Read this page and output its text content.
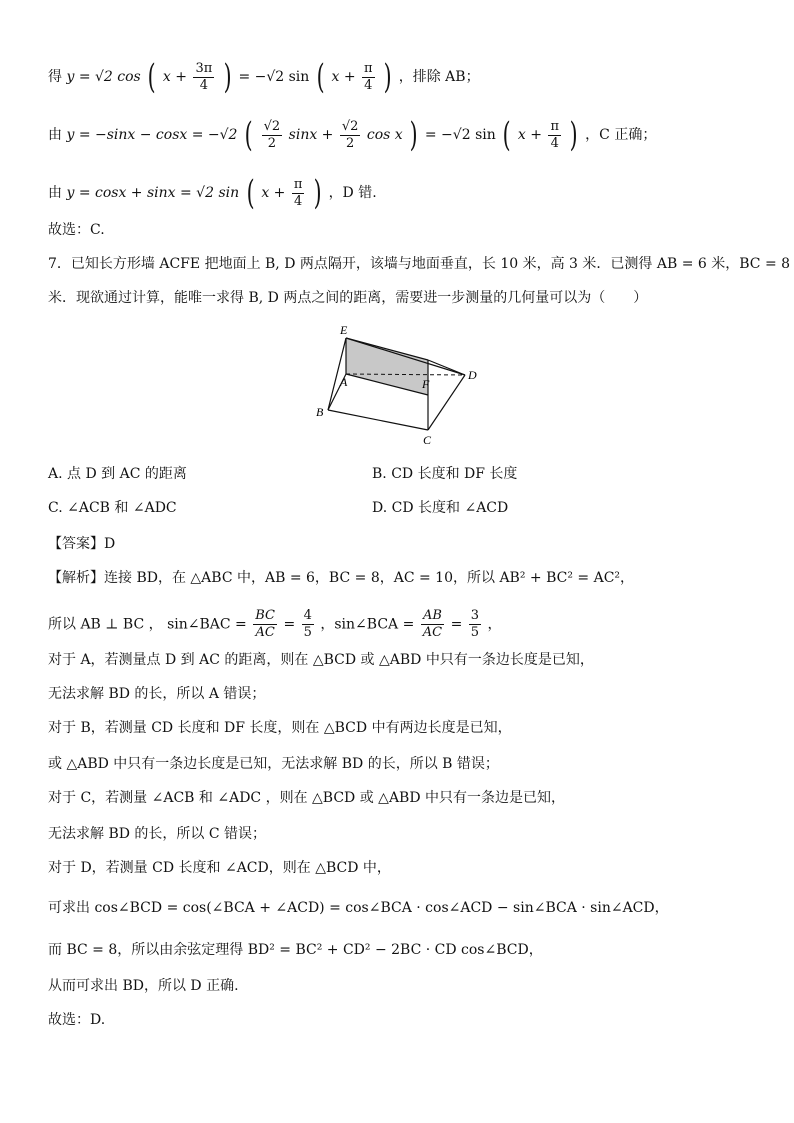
得 y = √2 cos ( $x + \frac{3\pi}{4}$ ) = −√2 sin ( $x + \frac{\pi}{4}$ ) ，排除 AB；
由 y = −sinx − cosx = −√2 ( $\frac{√2}{2}$ $\sin x + \frac{√2}{2}$ cos x ) = −√2 sin ( $x + \frac{\pi}{4}$ ) ，C 正确；
由 y = cosx + sinx = √2 sin ( $x + \frac{\pi}{4}$ ) ，D 错.
故选：C.
7．已知长方形墙 ACFE 把地面上 B, D 两点隔开，该墙与地面垂直，长 10 米，高 3 米．已测得 AB = 6 米，BC = 8
米．现欲通过计算，能唯一求得 B, D 两点之间的距离，需要进一步测量的几何量可以为（　　）
E
A	F
D
B
C
A. 点 D 到 AC 的距离	B. CD 长度和 DF 长度
C. ∠ACB 和 ∠ADC	D. CD 长度和 ∠ACD
【答案】D
【解析】连接 BD，在 △ABC 中，AB = 6，BC = 8，AC = 10，所以 AB² + BC² = AC²，
所以 AB ⊥ BC ， sin∠BAC = $\frac{BC}{AC} = \frac{4}{5}$ ，sin∠BCA = $\frac{AB}{AC} = \frac{3}{5}$ ，
对于 A，若测量点 D 到 AC 的距离，则在 △BCD 或 △ABD 中只有一条边长度是已知，
无法求解 BD 的长，所以 A 错误；
对于 B，若测量 CD 长度和 DF 长度，则在 △BCD 中有两边长度是已知，
或 △ABD 中只有一条边长度是已知，无法求解 BD 的长，所以 B 错误；
对于 C，若测量 ∠ACB 和 ∠ADC ，则在 △BCD 或 △ABD 中只有一条边是已知，
无法求解 BD 的长，所以 C 错误；
对于 D，若测量 CD 长度和 ∠ACD，则在 △BCD 中，
可求出 cos∠BCD = cos(∠BCA + ∠ACD) = cos∠BCA · cos∠ACD − sin∠BCA · sin∠ACD，
而 BC = 8，所以由余弦定理得 BD² = BC² + CD² − 2BC · CD cos∠BCD，
从而可求出 BD，所以 D 正确.
故选：D.
